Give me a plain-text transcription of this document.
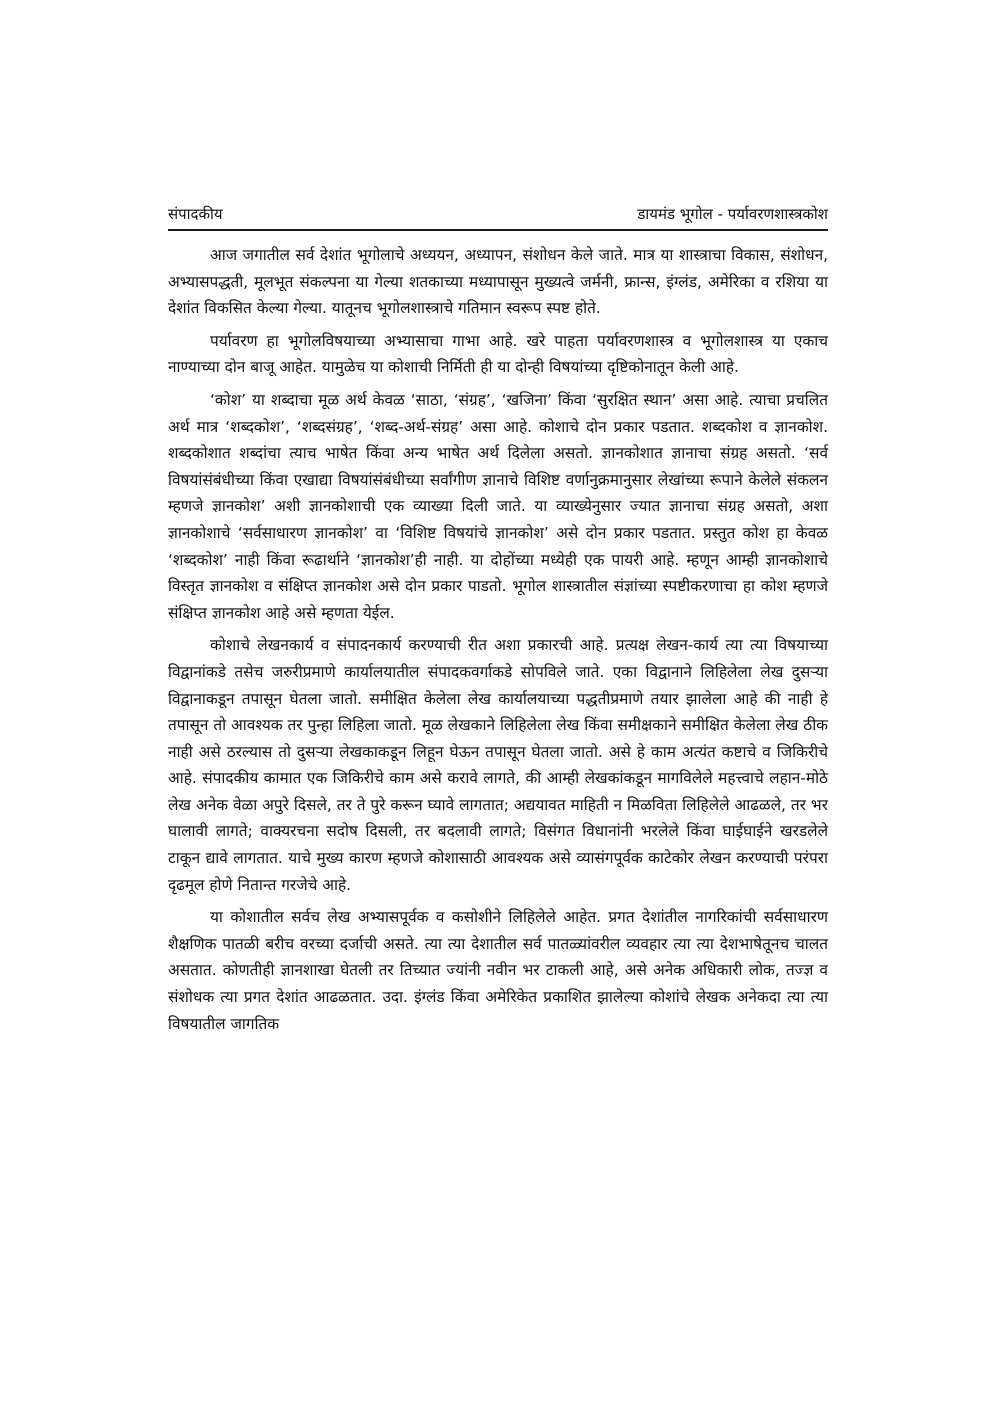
संपादकीय	डायमंड भूगोल - पर्यावरणशास्त्रकोश

आज जगातील सर्व देशांत भूगोलाचे अध्ययन, अध्यापन, संशोधन केले जाते. मात्र या शास्त्राचा विकास, संशोधन, अभ्यासपद्धती, मूलभूत संकल्पना या गेल्या शतकाच्या मध्यापासून मुख्यत्वे जर्मनी, फ्रान्स, इंग्लंड, अमेरिका व रशिया या देशांत विकसित केल्या गेल्या. यातूनच भूगोलशास्त्राचे गतिमान स्वरूप स्पष्ट होते.

पर्यावरण हा भूगोलविषयाच्या अभ्यासाचा गाभा आहे. खरे पाहता पर्यावरणशास्त्र व भूगोलशास्त्र या एकाच नाण्याच्या दोन बाजू आहेत. यामुळेच या कोशाची निर्मिती ही या दोन्ही विषयांच्या दृष्टिकोनातून केली आहे.

‘कोश’ या शब्दाचा मूळ अर्थ केवळ ‘साठा, ‘संग्रह’, ‘खजिना’ किंवा ‘सुरक्षित स्थान’ असा आहे. त्याचा प्रचलित अर्थ मात्र ‘शब्दकोश’, ‘शब्दसंग्रह’, ‘शब्द-अर्थ-संग्रह’ असा आहे. कोशाचे दोन प्रकार पडतात. शब्दकोश व ज्ञानकोश. शब्दकोशात शब्दांचा त्याच भाषेत किंवा अन्य भाषेत अर्थ दिलेला असतो. ज्ञानकोशात ज्ञानाचा संग्रह असतो. ‘सर्व विषयांसंबंधीच्या किंवा एखाद्या विषयांसंबंधीच्या सर्वांगीण ज्ञानाचे विशिष्ट वर्णानुक्रमानुसार लेखांच्या रूपाने केलेले संकलन म्हणजे ज्ञानकोश’ अशी ज्ञानकोशाची एक व्याख्या दिली जाते. या व्याख्येनुसार ज्यात ज्ञानाचा संग्रह असतो, अशा ज्ञानकोशाचे ‘सर्वसाधारण ज्ञानकोश’ वा ‘विशिष्ट विषयांचे ज्ञानकोश’ असे दोन प्रकार पडतात. प्रस्तुत कोश हा केवळ ‘शब्दकोश’ नाही किंवा रूढार्थाने ‘ज्ञानकोश’ही नाही. या दोहोंच्या मध्येही एक पायरी आहे. म्हणून आम्ही ज्ञानकोशाचे विस्तृत ज्ञानकोश व संक्षिप्त ज्ञानकोश असे दोन प्रकार पाडतो. भूगोल शास्त्रातील संज्ञांच्या स्पष्टीकरणाचा हा कोश म्हणजे संक्षिप्त ज्ञानकोश आहे असे म्हणता येईल.

कोशाचे लेखनकार्य व संपादनकार्य करण्याची रीत अशा प्रकारची आहे. प्रत्यक्ष लेखन-कार्य त्या त्या विषयाच्या विद्वानांकडे तसेच जरुरीप्रमाणे कार्यालयातील संपादकवर्गाकडे सोपविले जाते. एका विद्वानाने लिहिलेला लेख दुसऱ्या विद्वानाकडून तपासून घेतला जातो. समीक्षित केलेला लेख कार्यालयाच्या पद्धतीप्रमाणे तयार झालेला आहे की नाही हे तपासून तो आवश्यक तर पुन्हा लिहिला जातो. मूळ लेखकाने लिहिलेला लेख किंवा समीक्षकाने समीक्षित केलेला लेख ठीक नाही असे ठरल्यास तो दुसऱ्या लेखकाकडून लिहून घेऊन तपासून घेतला जातो. असे हे काम अत्यंत कष्टाचे व जिकिरीचे आहे. संपादकीय कामात एक जिकिरीचे काम असे करावे लागते, की आम्ही लेखकांकडून मागविलेले महत्त्वाचे लहान-मोठे लेख अनेक वेळा अपुरे दिसले, तर ते पुरे करून घ्यावे लागतात; अद्ययावत माहिती न मिळविता लिहिलेले आढळले, तर भर घालावी लागते; वाक्यरचना सदोष दिसली, तर बदलावी लागते; विसंगत विधानांनी भरलेले किंवा घाईघाईने खरडलेले टाकून द्यावे लागतात. याचे मुख्य कारण म्हणजे कोशासाठी आवश्यक असे व्यासंगपूर्वक काटेकोर लेखन करण्याची परंपरा दृढमूल होणे नितान्त गरजेचे आहे.

या कोशातील सर्वच लेख अभ्यासपूर्वक व कसोशीने लिहिलेले आहेत. प्रगत देशांतील नागरिकांची सर्वसाधारण शैक्षणिक पातळी बरीच वरच्या दर्जाची असते. त्या त्या देशातील सर्व पातळ्यांवरील व्यवहार त्या त्या देशभाषेतूनच चालत असतात. कोणतीही ज्ञानशाखा घेतली तर तिच्यात ज्यांनी नवीन भर टाकली आहे, असे अनेक अधिकारी लोक, तज्ज्ञ व संशोधक त्या प्रगत देशांत आढळतात. उदा. इंग्लंड किंवा अमेरिकेत प्रकाशित झालेल्या कोशांचे लेखक अनेकदा त्या त्या विषयातील जागतिक
